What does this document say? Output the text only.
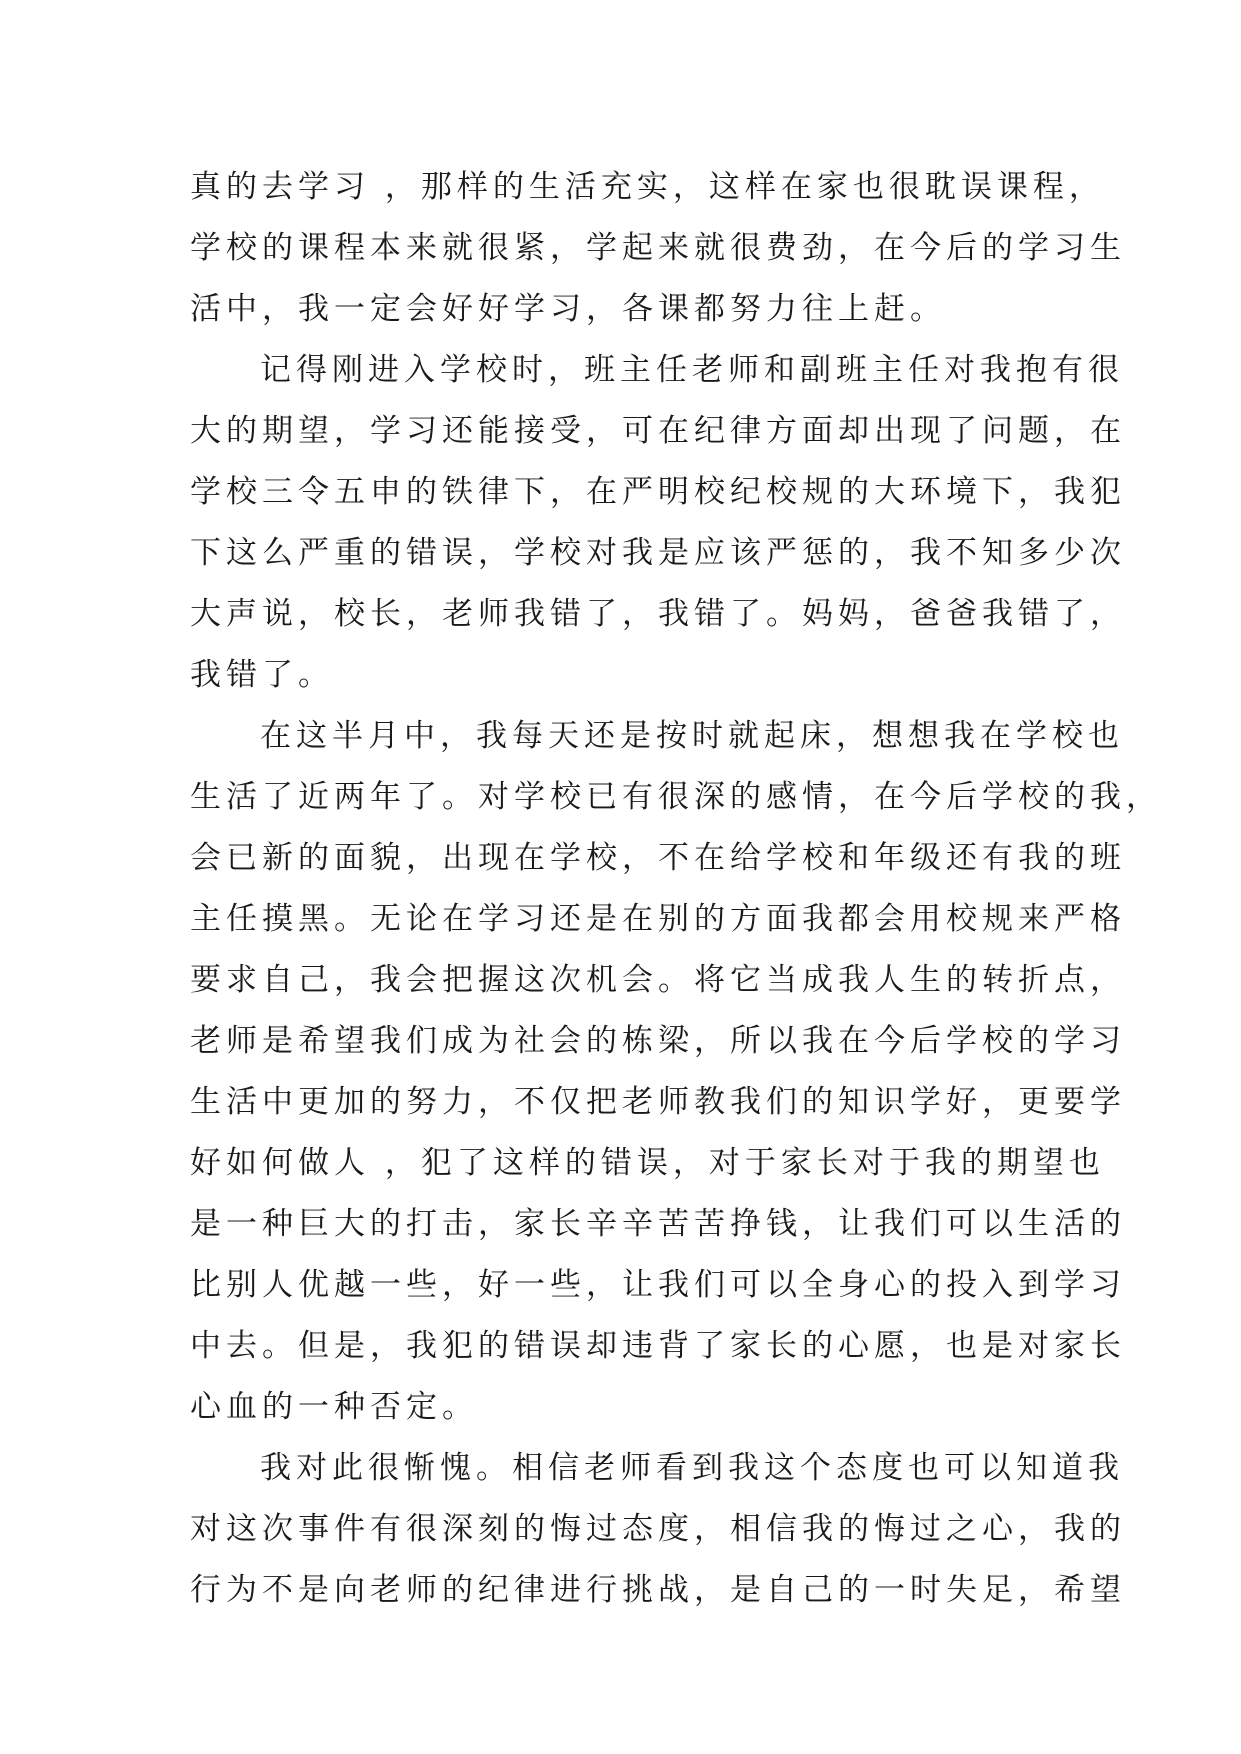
真的去学习 ，那样的生活充实，这样在家也很耽误课程，
学校的课程本来就很紧，学起来就很费劲，在今后的学习生
活中，我一定会好好学习，各课都努力往上赶。
记得刚进入学校时，班主任老师和副班主任对我抱有很
大的期望，学习还能接受，可在纪律方面却出现了问题，在
学校三令五申的铁律下，在严明校纪校规的大环境下，我犯
下这么严重的错误，学校对我是应该严惩的，我不知多少次
大声说，校长，老师我错了，我错了。妈妈，爸爸我错了，
我错了。
在这半月中，我每天还是按时就起床，想想我在学校也
生活了近两年了。对学校已有很深的感情，在今后学校的我，
会已新的面貌，出现在学校，不在给学校和年级还有我的班
主任摸黑。无论在学习还是在别的方面我都会用校规来严格
要求自己，我会把握这次机会。将它当成我人生的转折点，
老师是希望我们成为社会的栋梁，所以我在今后学校的学习
生活中更加的努力，不仅把老师教我们的知识学好，更要学
好如何做人 ，犯了这样的错误，对于家长对于我的期望也
是一种巨大的打击，家长辛辛苦苦挣钱，让我们可以生活的
比别人优越一些，好一些，让我们可以全身心的投入到学习
中去。但是，我犯的错误却违背了家长的心愿，也是对家长
心血的一种否定。
我对此很惭愧。相信老师看到我这个态度也可以知道我
对这次事件有很深刻的悔过态度，相信我的悔过之心，我的
行为不是向老师的纪律进行挑战，是自己的一时失足，希望
